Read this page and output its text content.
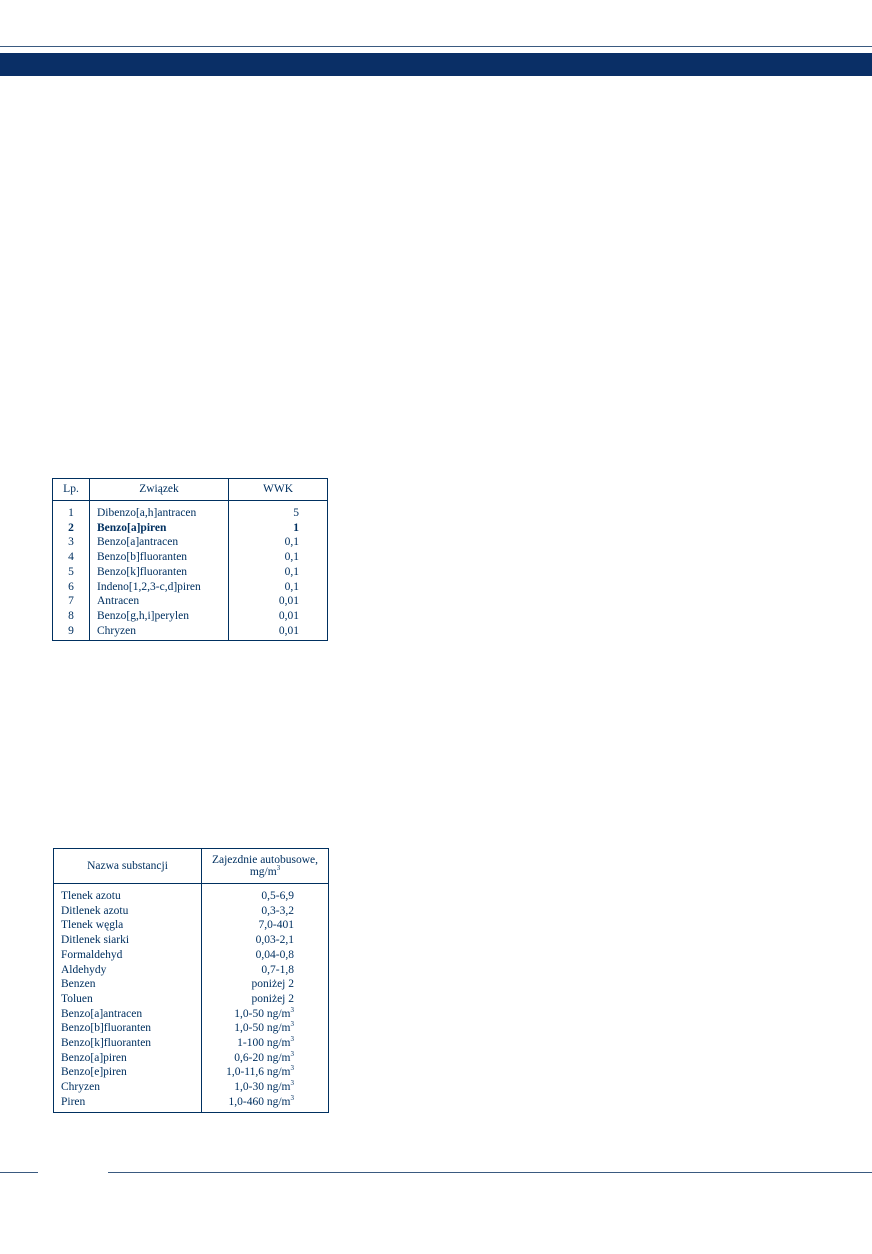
Lp.	Związek	WWK
1	Dibenzo[a,h]antracen	5
2	Benzo[a]piren	1
3	Benzo[a]antracen	0,1
4	Benzo[b]fluoranten	0,1
5	Benzo[k]fluoranten	0,1
6	Indeno[1,2,3-c,d]piren	0,1
7	Antracen	0,01
8	Benzo[g,h,i]perylen	0,01
9	Chryzen	0,01
Nazwa substancji	Zajezdnie autobusowe,
$mg/m^3$
Tlenek azotu	0,5-6,9
Ditlenek azotu	0,3-3,2
Tlenek węgla	7,0-401
Ditlenek siarki	0,03-2,1
Formaldehyd	0,04-0,8
Aldehydy	0,7-1,8
Benzen	poniżej 2
Toluen	poniżej 2
Benzo[a]antracen	1,0-50 $ng/m^3$
Benzo[b]fluoranten	1,0-50 $ng/m^3$
Benzo[k]fluoranten	1-100 $ng/m^3$
Benzo[a]piren	0,6-20 $ng/m^3$
Benzo[e]piren	1,0-11,6 $ng/m^3$
Chryzen	1,0-30 $ng/m^3$
Piren	1,0-460 $ng/m^3$
